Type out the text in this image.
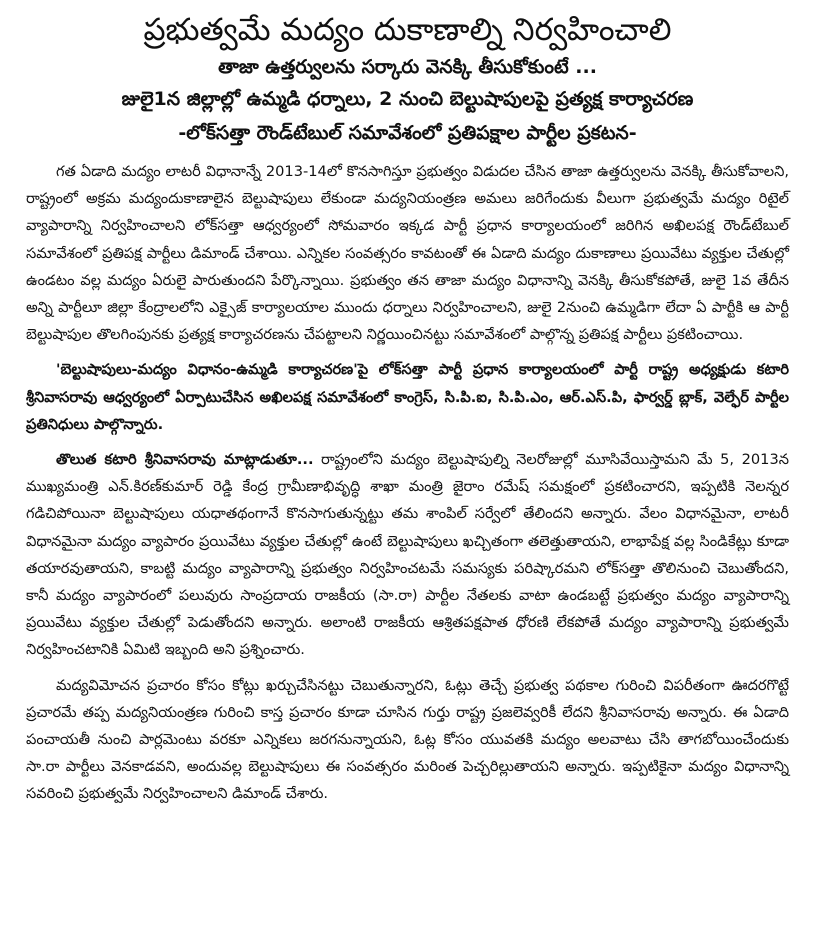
ప్రభుత్వమే మద్యం దుకాణాల్ని నిర్వహించాలి
తాజా ఉత్తర్వులను సర్కారు వెనక్కి తీసుకోకుంటే ...
జులై1న జిల్లాల్లో ఉమ్మడి ధర్నాలు, 2 నుంచి బెల్టుషాపులపై ప్రత్యక్ష కార్యాచరణ
-లోక్‌సత్తా రౌండ్‌టేబుల్ సమావేశంలో ప్రతిపక్షాల పార్టీల ప్రకటన-

గత ఏడాది మద్యం లాటరీ విధానాన్నే 2013-14లో కొనసాగిస్తూ ప్రభుత్వం విడుదల చేసిన తాజా ఉత్తర్వులను వెనక్కి తీసుకోవాలని, రాష్ట్రంలో అక్రమ మద్యందుకాణాలైన బెల్టుషాపులు లేకుండా మద్యనియంత్రణ అమలు జరిగేందుకు వీలుగా ప్రభుత్వమే మద్యం రిటైల్ వ్యాపారాన్ని నిర్వహించాలని లోక్‌సత్తా ఆధ్వర్యంలో సోమవారం ఇక్కడ పార్టీ ప్రధాన కార్యాలయంలో జరిగిన అఖిలపక్ష రౌండ్‌టేబుల్ సమావేశంలో ప్రతిపక్ష పార్టీలు డిమాండ్ చేశాయి. ఎన్నికల సంవత్సరం కావటంతో ఈ ఏడాది మద్యం దుకాణాలు ప్రయివేటు వ్యక్తుల చేతుల్లో ఉండటం వల్ల మద్యం ఏరులై పారుతుందని పేర్కొన్నాయి. ప్రభుత్వం తన తాజా మద్యం విధానాన్ని వెనక్కి తీసుకోకపోతే, జులై 1వ తేదీన అన్ని పార్టీలూ జిల్లా కేంద్రాలలోని ఎక్సైజ్ కార్యాలయాల ముందు ధర్నాలు నిర్వహించాలని, జులై 2నుంచి ఉమ్మడిగా లేదా ఏ పార్టీకి ఆ పార్టీ బెల్టుషాపుల తొలగింపునకు ప్రత్యక్ష కార్యాచరణను చేపట్టాలని నిర్ణయించినట్టు సమావేశంలో పాల్గొన్న ప్రతిపక్ష పార్టీలు ప్రకటించాయి.

'బెల్టుషాపులు-మద్యం విధానం-ఉమ్మడి కార్యాచరణ'పై లోక్‌సత్తా పార్టీ ప్రధాన కార్యాలయంలో పార్టీ రాష్ట్ర అధ్యక్షుడు కటారి శ్రీనివాసరావు ఆధ్వర్యంలో ఏర్పాటుచేసిన అఖిలపక్ష సమావేశంలో కాంగ్రెస్, సి.పి.ఐ, సి.పి.ఎం, ఆర్.ఎస్.పి, ఫార్వర్డ్ బ్లాక్, వెల్ఫేర్ పార్టీల ప్రతినిధులు పాల్గొన్నారు.

తొలుత కటారి శ్రీనివాసరావు మాట్లాడుతూ... రాష్ట్రంలోని మద్యం బెల్టుషాపుల్ని నెలరోజుల్లో మూసివేయిస్తామని మే 5, 2013న ముఖ్యమంత్రి ఎన్.కిరణ్‌కుమార్ రెడ్డి కేంద్ర గ్రామీణాభివృద్ధి శాఖా మంత్రి జైరాం రమేష్ సమక్షంలో ప్రకటించారని, ఇప్పటికి నెలన్నర గడిచిపోయినా బెల్టుషాపులు యధాతథంగానే కొనసాగుతున్నట్టు తమ శాంపిల్ సర్వేలో తేలిందని అన్నారు. వేలం విధానమైనా, లాటరీ విధానమైనా మద్యం వ్యాపారం ప్రయివేటు వ్యక్తుల చేతుల్లో ఉంటే బెల్టుషాపులు ఖచ్చితంగా తలెత్తుతాయని, లాభాపేక్ష వల్ల సిండికేట్లు కూడా తయారవుతాయని, కాబట్టి మద్యం వ్యాపారాన్ని ప్రభుత్వం నిర్వహించటమే సమస్యకు పరిష్కారమని లోక్‌సత్తా తొలినుంచి చెబుతోందని, కానీ మద్యం వ్యాపారంలో పలువురు సాంప్రదాయ రాజకీయ (సా.రా) పార్టీల నేతలకు వాటా ఉండబట్టే ప్రభుత్వం మద్యం వ్యాపారాన్ని ప్రయివేటు వ్యక్తుల చేతుల్లో పెడుతోందని అన్నారు. అలాంటి రాజకీయ ఆశ్రితపక్షపాత ధోరణి లేకపోతే మద్యం వ్యాపారాన్ని ప్రభుత్వమే నిర్వహించటానికి ఏమిటి ఇబ్బంది అని ప్రశ్నించారు.

మద్యవిమోచన ప్రచారం కోసం కోట్లు ఖర్చుచేసినట్టు చెబుతున్నారని, ఓట్లు తెచ్చే ప్రభుత్వ పథకాల గురించి విపరీతంగా ఊదరగొట్టే ప్రచారమే తప్ప మద్యనియంత్రణ గురించి కాస్త ప్రచారం కూడా చూసిన గుర్తు రాష్ట్ర ప్రజలెవ్వరికీ లేదని శ్రీనివాసరావు అన్నారు. ఈ ఏడాది పంచాయతీ నుంచి పార్లమెంటు వరకూ ఎన్నికలు జరగనున్నాయని, ఓట్ల కోసం యువతకి మద్యం అలవాటు చేసి తాగబోయించేందుకు సా.రా పార్టీలు వెనకాడవని, అందువల్ల బెల్టుషాపులు ఈ సంవత్సరం మరింత పెచ్చరిల్లుతాయని అన్నారు. ఇప్పటికైనా మద్యం విధానాన్ని సవరించి ప్రభుత్వమే నిర్వహించాలని డిమాండ్ చేశారు.
